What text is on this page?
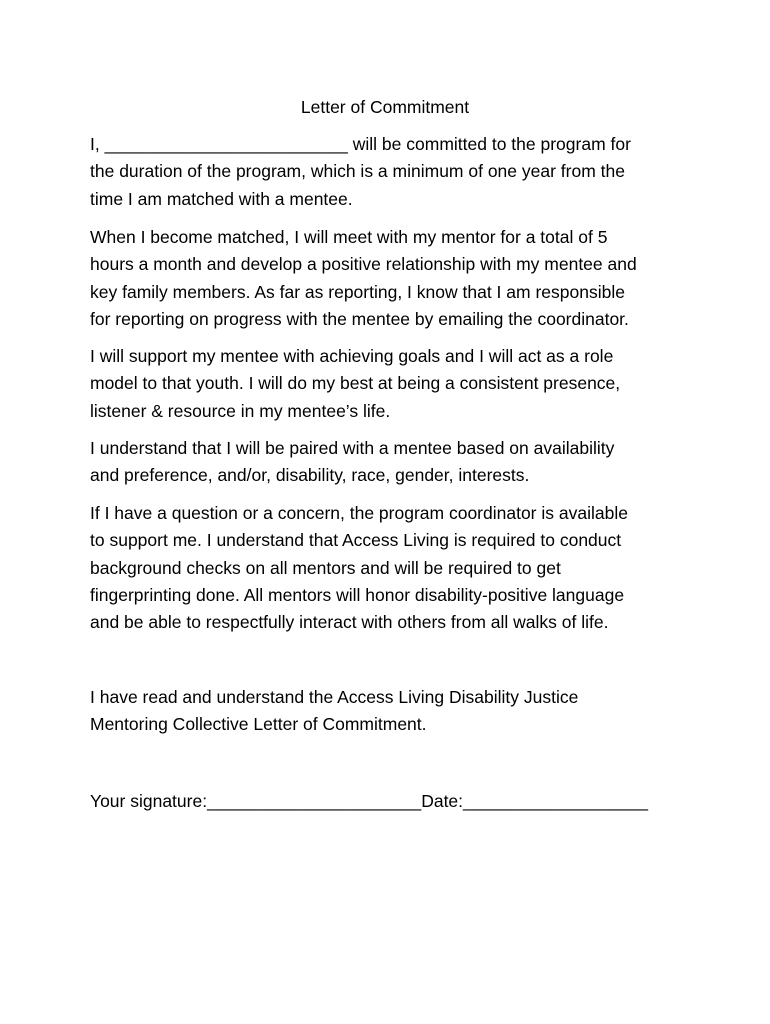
Letter of Commitment
I, _________________________ will be committed to the program for
the duration of the program, which is a minimum of one year from the
time I am matched with a mentee.
When I become matched, I will meet with my mentor for a total of 5
hours a month and develop a positive relationship with my mentee and
key family members. As far as reporting, I know that I am responsible
for reporting on progress with the mentee by emailing the coordinator.
I will support my mentee with achieving goals and I will act as a role
model to that youth. I will do my best at being a consistent presence,
listener & resource in my mentee’s life.
I understand that I will be paired with a mentee based on availability
and preference, and/or, disability, race, gender, interests.
If I have a question or a concern, the program coordinator is available
to support me. I understand that Access Living is required to conduct
background checks on all mentors and will be required to get
fingerprinting done. All mentors will honor disability-positive language
and be able to respectfully interact with others from all walks of life.
I have read and understand the Access Living Disability Justice
Mentoring Collective Letter of Commitment.
Your signature:______________________Date:___________________
